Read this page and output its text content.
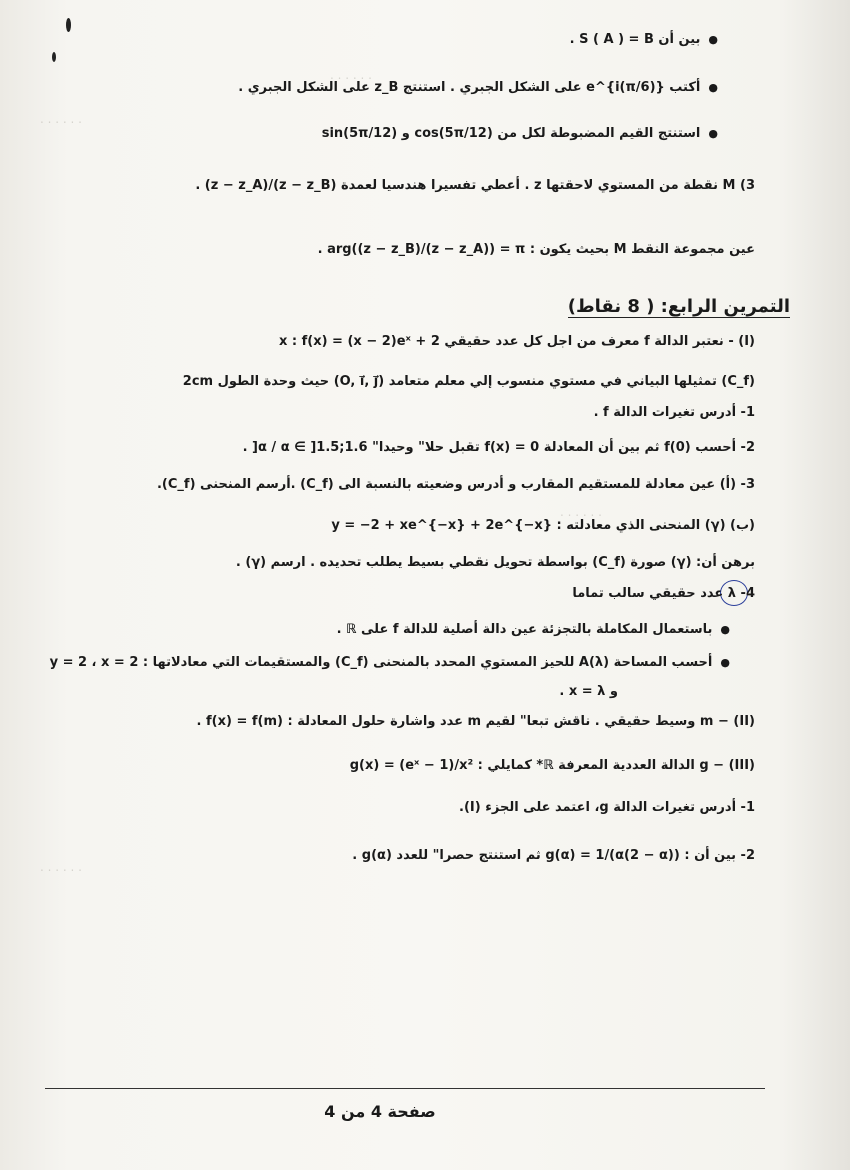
. . . . . .
. . . . . .
. . . . . .
. . . . . .
●بين أن S ( A ) = B .
●أكتب e^{i(π/6)} على الشكل الجبري . استنتج z_B على الشكل الجبري .
●استنتج القيم المضبوطة لكل من cos(5π/12) و sin(5π/12)
3) M نقطة من المستوي لاحقتها z . أعطي تفسيرا هندسيا لعمدة (z − z_B)/(z − z_A) .
عين مجموعة النقط M بحيث يكون : arg((z − z_B)/(z − z_A)) = π .
التمرين الرابع: ( 8 نقاط)
(I) - نعتبر الدالة f معرف من اجل كل عدد حقيقي x : f(x) = (x − 2)eˣ + 2
(C_f) تمثيلها البياني في مستوي منسوب إلي معلم متعامد (O, i⃗, j⃗) حيث وحدة الطول 2cm
1- أدرس تغيرات الدالة f .
2- أحسب f(0) ثم بين أن المعادلة f(x) = 0 تقبل حلا" وحيدا" α / α ∈ ]1.5;1.6[ .
3- (أ) عين معادلة للمستقيم المقارب و أدرس وضعيته بالنسبة الى (C_f) .أرسم المنحنى (C_f).
(ب) (γ) المنحنى الذي معادلته : y = −2 + xe^{−x} + 2e^{−x}
برهن أن: (γ) صورة (C_f) بواسطة تحويل نقطي بسيط يطلب تحديده . ارسم (γ) .
4- λ عدد حقيقي سالب تماما
●باستعمال المكاملة بالتجزئة عين دالة أصلية للدالة f على ℝ .
●أحسب المساحة A(λ) للحيز المستوي المحدد بالمنحنى (C_f) والمستقيمات التي معادلاتها : y = 2 ، x = 2
و x = λ .
(II) − m وسيط حقيقي . ناقش تبعا" لقيم m عدد واشارة حلول المعادلة : f(x) = f(m) .
(III) − g الدالة العددية المعرفة ℝ* كمايلي : g(x) = (eˣ − 1)/x²
1- أدرس تغيرات الدالة g، اعتمد على الجزء (I).
2- بين أن : g(α) = 1/(α(2 − α)) ثم استنتج حصرا" للعدد g(α) .
صفحة 4 من 4
